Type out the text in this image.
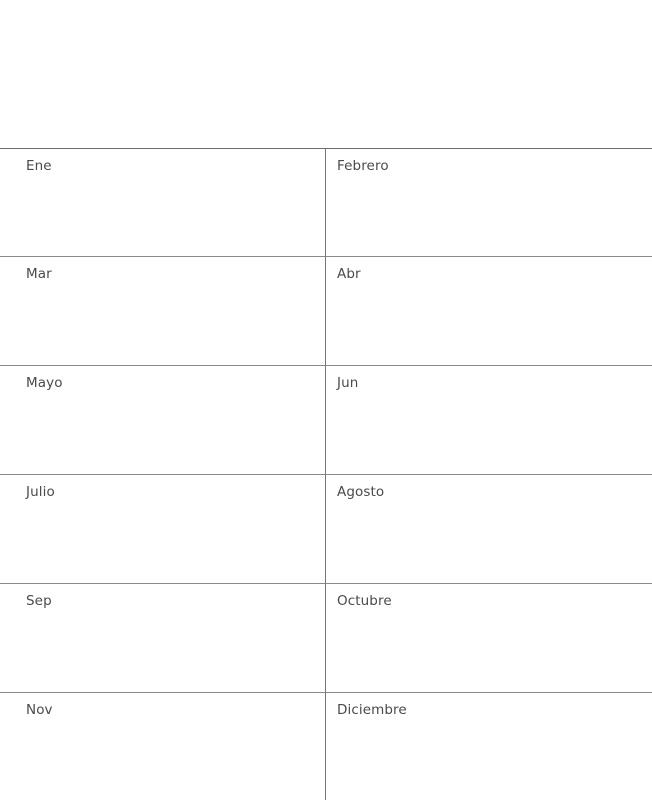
Ene	Febrero
Mar	Abr
Mayo	Jun
Julio	Agosto
Sep	Octubre
Nov	Diciembre
